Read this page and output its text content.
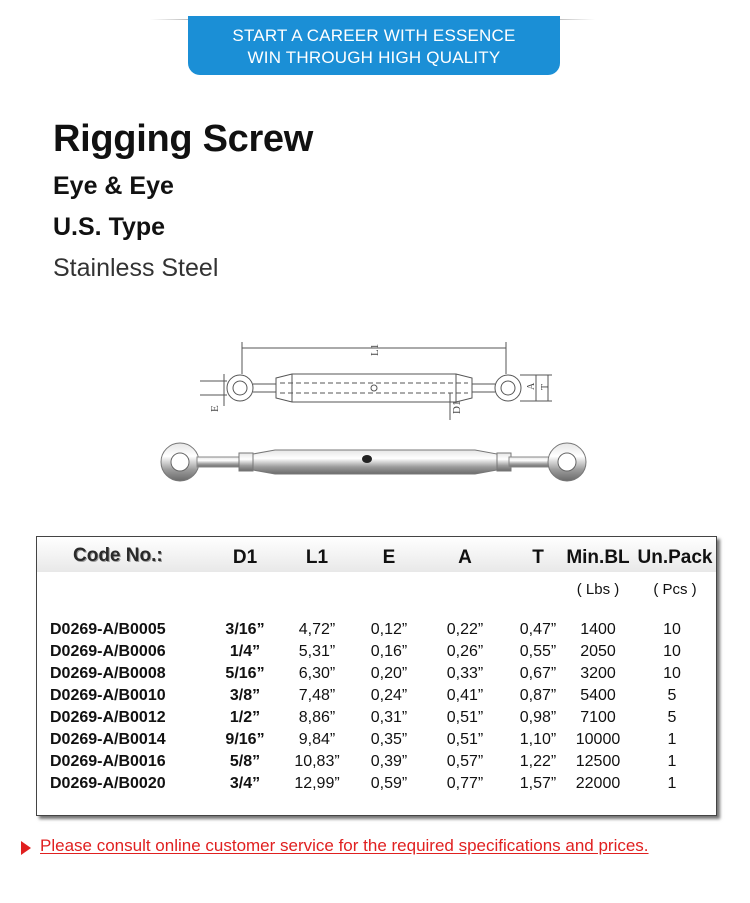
START A CAREER WITH ESSENCE
WIN THROUGH HIGH QUALITY
Rigging Screw
Eye & Eye
U.S. Type
Stainless Steel
L1
E	D1
A T
Code No.:	D1	L1	E	A	T	Min.BL Un.Pack
( Lbs )	( Pcs )
D0269-A/B0005	3/16”	4,72”	0,12”	0,22”	0,47”	1400	10
D0269-A/B0006	1/4”	5,31”	0,16”	0,26”	0,55”	2050	10
D0269-A/B0008	5/16”	6,30”	0,20”	0,33”	0,67”	3200	10
D0269-A/B0010	3/8”	7,48”	0,24”	0,41”	0,87”	5400	5
D0269-A/B0012	1/2”	8,86”	0,31”	0,51”	0,98”	7100	5
D0269-A/B0014	9/16”	9,84”	0,35”	0,51”	1,10”	10000	1
D0269-A/B0016	5/8”	10,83”	0,39”	0,57”	1,22”	12500	1
D0269-A/B0020	3/4”	12,99”	0,59”	0,77”	1,57”	22000	1
Please consult online customer service for the required specifications and prices.
